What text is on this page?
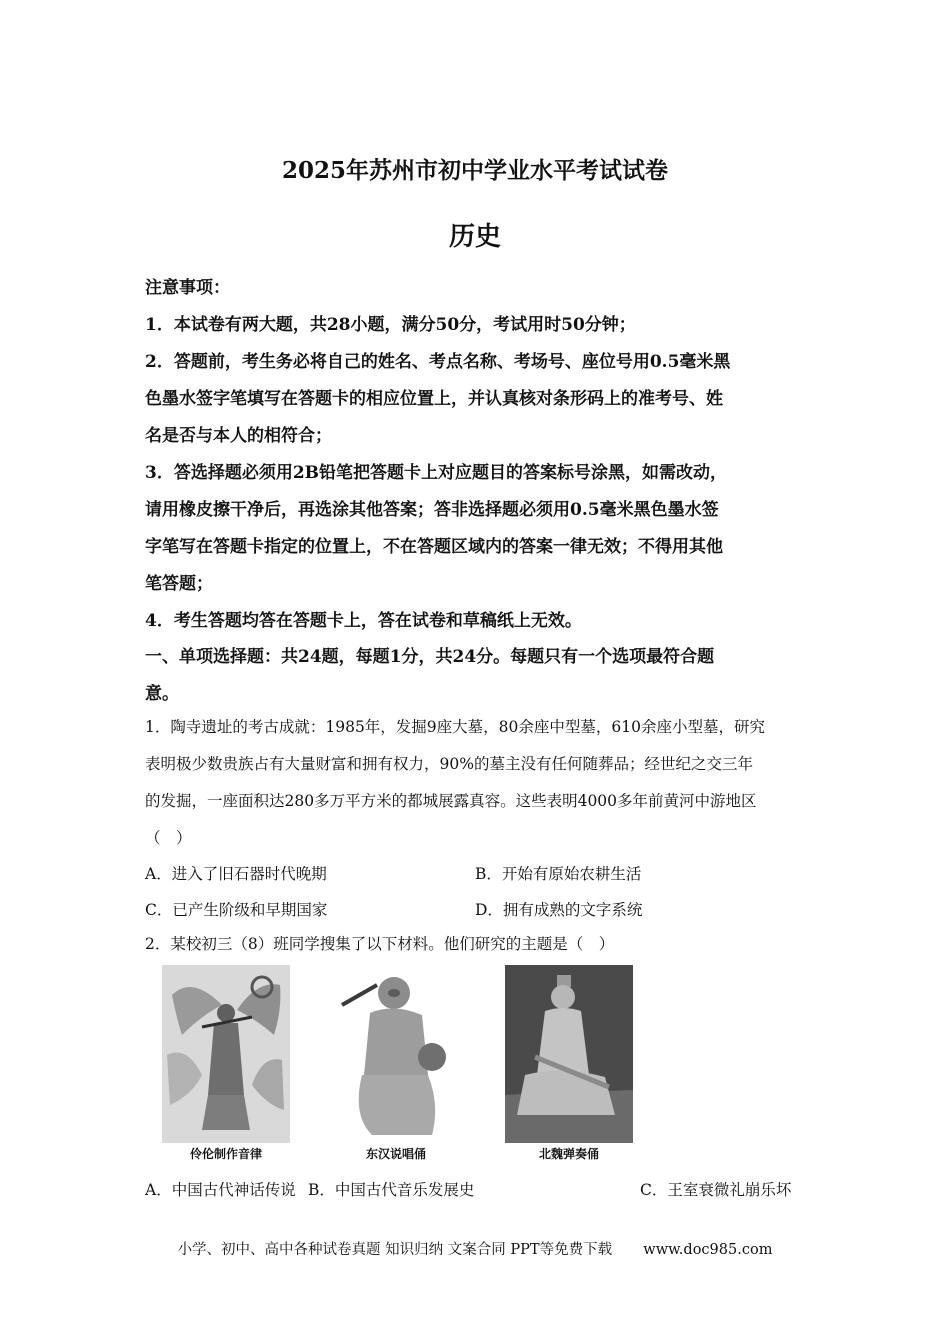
2025年苏州市初中学业水平考试试卷
历史
注意事项：
1．本试卷有两大题，共28小题，满分50分，考试用时50分钟；
2．答题前，考生务必将自己的姓名、考点名称、考场号、座位号用0.5毫米黑
色墨水签字笔填写在答题卡的相应位置上，并认真核对条形码上的准考号、姓
名是否与本人的相符合；
3．答选择题必须用2B铅笔把答题卡上对应题目的答案标号涂黑，如需改动，
请用橡皮擦干净后，再选涂其他答案；答非选择题必须用0.5毫米黑色墨水签
字笔写在答题卡指定的位置上，不在答题区域内的答案一律无效；不得用其他
笔答题；
4．考生答题均答在答题卡上，答在试卷和草稿纸上无效。
一、单项选择题：共24题，每题1分，共24分。每题只有一个选项最符合题
意。
1．陶寺遗址的考古成就：1985年，发掘9座大墓，80余座中型墓，610余座小型墓，研究
表明极少数贵族占有大量财富和拥有权力，90%的墓主没有任何随葬品；经世纪之交三年
的发掘，一座面积达280多万平方米的都城展露真容。这些表明4000多年前黄河中游地区
（　）
A．进入了旧石器时代晚期	B．开始有原始农耕生活
C．已产生阶级和早期国家	D．拥有成熟的文字系统
2．某校初三（8）班同学搜集了以下材料。他们研究的主题是（　）
伶伦制作音律	东汉说唱俑	北魏弹奏俑
A．中国古代神话传说 B．中国古代音乐发展史	C．王室衰微礼崩乐坏
小学、初中、高中各种试卷真题 知识归纳 文案合同 PPT等免费下载 www.doc985.com
